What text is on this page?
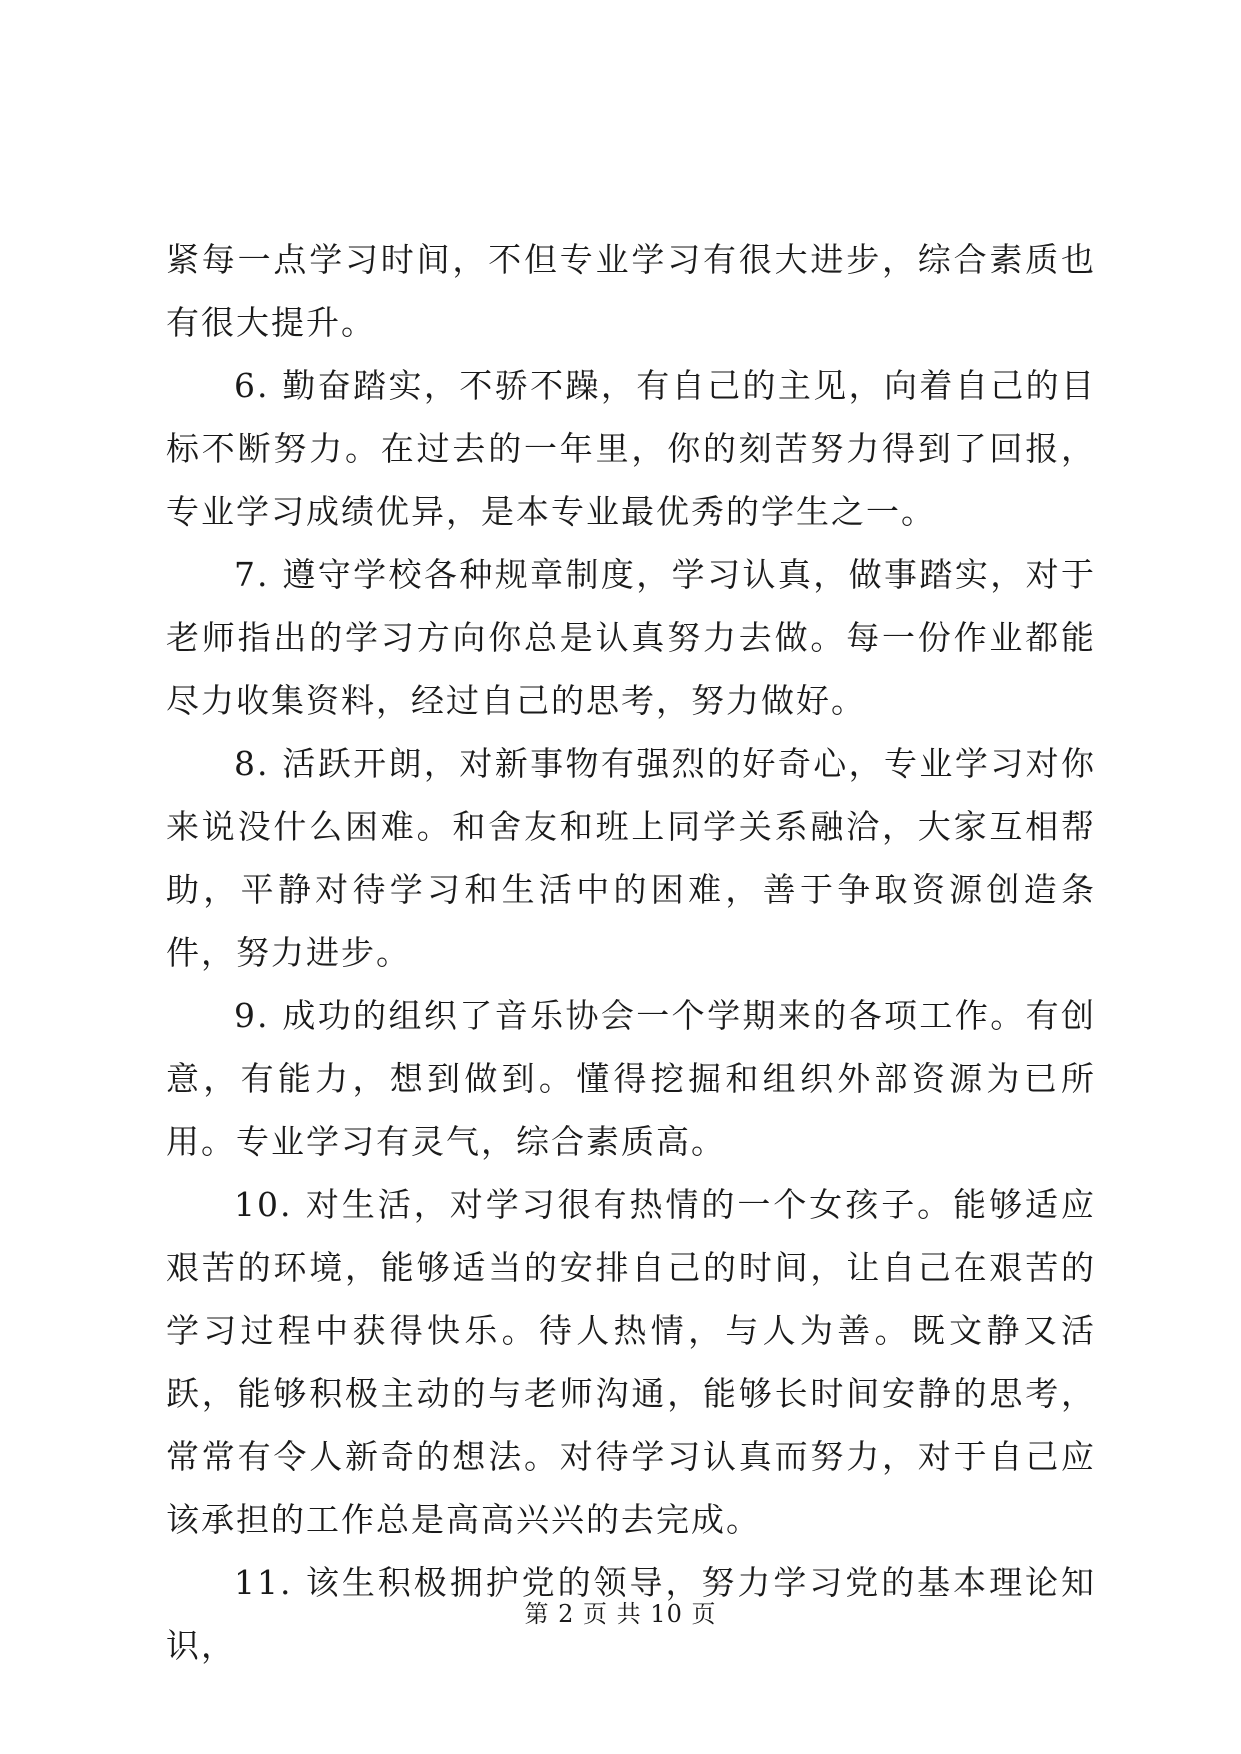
紧每一点学习时间，不但专业学习有很大进步，综合素质也有很大提升。

6. 勤奋踏实，不骄不躁，有自己的主见，向着自己的目标不断努力。在过去的一年里，你的刻苦努力得到了回报，专业学习成绩优异，是本专业最优秀的学生之一。

7. 遵守学校各种规章制度，学习认真，做事踏实，对于老师指出的学习方向你总是认真努力去做。每一份作业都能尽力收集资料，经过自己的思考，努力做好。

8. 活跃开朗，对新事物有强烈的好奇心，专业学习对你来说没什么困难。和舍友和班上同学关系融洽，大家互相帮助，平静对待学习和生活中的困难，善于争取资源创造条件，努力进步。

9. 成功的组织了音乐协会一个学期来的各项工作。有创意，有能力，想到做到。懂得挖掘和组织外部资源为已所用。专业学习有灵气，综合素质高。

10. 对生活，对学习很有热情的一个女孩子。能够适应艰苦的环境，能够适当的安排自己的时间，让自己在艰苦的学习过程中获得快乐。待人热情，与人为善。既文静又活跃，能够积极主动的与老师沟通，能够长时间安静的思考，常常有令人新奇的想法。对待学习认真而努力，对于自己应该承担的工作总是高高兴兴的去完成。

11. 该生积极拥护党的领导，努力学习党的基本理论知识，

第 2 页 共 10 页
